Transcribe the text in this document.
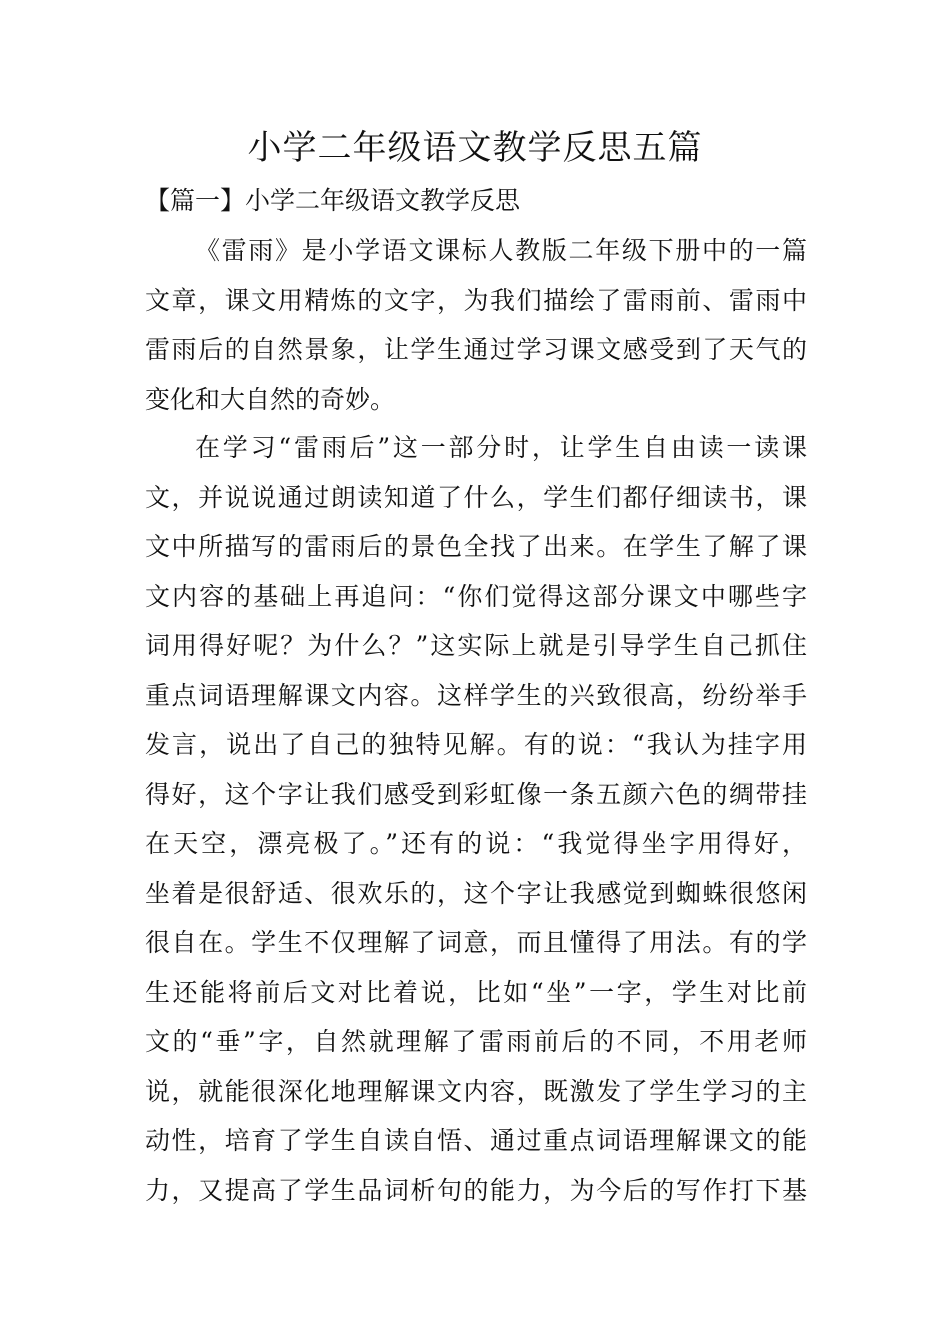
小学二年级语文教学反思五篇
【篇一】小学二年级语文教学反思
《雷雨》是小学语文课标人教版二年级下册中的一篇
文章，课文用精炼的文字，为我们描绘了雷雨前、雷雨中
雷雨后的自然景象，让学生通过学习课文感受到了天气的
变化和大自然的奇妙。
在学习“雷雨后”这一部分时，让学生自由读一读课
文，并说说通过朗读知道了什么，学生们都仔细读书，课
文中所描写的雷雨后的景色全找了出来。在学生了解了课
文内容的基础上再追问：“你们觉得这部分课文中哪些字
词用得好呢？为什么？”这实际上就是引导学生自己抓住
重点词语理解课文内容。这样学生的兴致很高，纷纷举手
发言，说出了自己的独特见解。有的说：“我认为挂字用
得好，这个字让我们感受到彩虹像一条五颜六色的绸带挂
在天空，漂亮极了。”还有的说：“我觉得坐字用得好，
坐着是很舒适、很欢乐的，这个字让我感觉到蜘蛛很悠闲
很自在。学生不仅理解了词意，而且懂得了用法。有的学
生还能将前后文对比着说，比如“坐”一字，学生对比前
文的“垂”字，自然就理解了雷雨前后的不同，不用老师
说，就能很深化地理解课文内容，既激发了学生学习的主
动性，培育了学生自读自悟、通过重点词语理解课文的能
力，又提高了学生品词析句的能力，为今后的写作打下基
